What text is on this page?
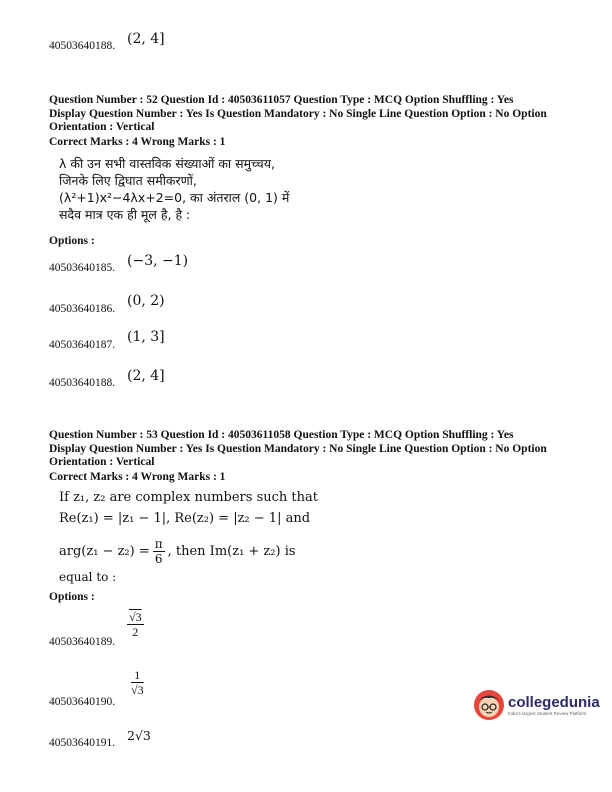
40503640188. (2, 4]
Question Number : 52 Question Id : 40503611057 Question Type : MCQ Option Shuffling : Yes
Display Question Number : Yes Is Question Mandatory : No Single Line Question Option : No Option
Orientation : Vertical
Correct Marks : 4 Wrong Marks : 1
λ की उन सभी वास्तविक संख्याओं का समुच्चय,
जिनके लिए द्विघात समीकरणों,
(λ²+1)x²−4λx+2=0, का अंतराल (0, 1) में
सदैव मात्र एक ही मूल है, है :
Options :
40503640185. (−3, −1)
40503640186. (0, 2)
40503640187. (1, 3]
40503640188. (2, 4]
Question Number : 53 Question Id : 40503611058 Question Type : MCQ Option Shuffling : Yes
Display Question Number : Yes Is Question Mandatory : No Single Line Question Option : No Option
Orientation : Vertical
Correct Marks : 4 Wrong Marks : 1
If z₁, z₂ are complex numbers such that
Re(z₁) = |z₁ − 1|, Re(z₂) = |z₂ − 1| and
$arg(z_1 - z_2) = \frac{\pi}{6}$ , then Im(z₁ + z₂) is
equal to :
Options :
40503640189.
$\frac{√3}{2}$
40503640190.
$\frac{1}{√3}$
40503640191. 2√3
collegedunia
India's largest Student Review Platform
